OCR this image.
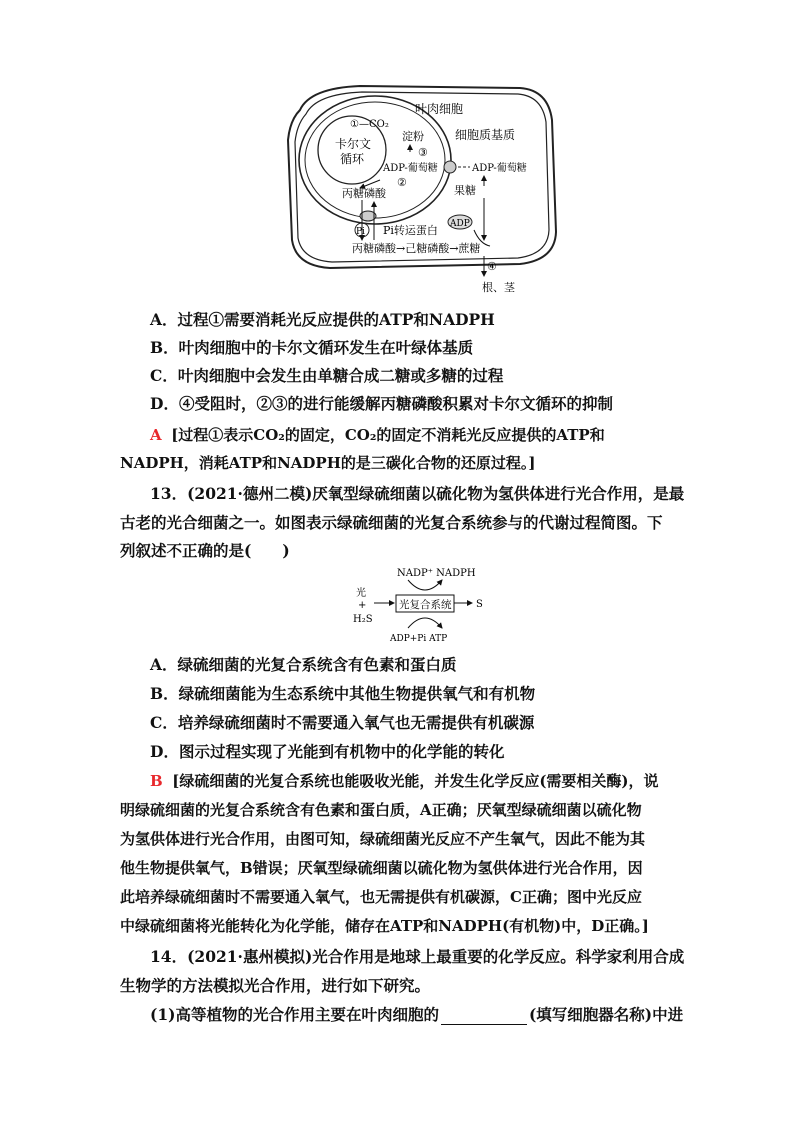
叶肉细胞
细胞质基质
卡尔文
循环
①—CO₂
淀粉
③
ADP-葡萄糖	ADP-葡萄糖
②
丙糖磷酸	果糖
Pi Pi转运蛋白 ADP
丙糖磷酸→己糖磷酸→蔗糖
④
根、茎
A．过程①需要消耗光反应提供的ATP和NADPH
B．叶肉细胞中的卡尔文循环发生在叶绿体基质
C．叶肉细胞中会发生由单糖合成二糖或多糖的过程
D．④受阻时，②③的进行能缓解丙糖磷酸积累对卡尔文循环的抑制
A [过程①表示CO₂的固定，CO₂的固定不消耗光反应提供的ATP和
NADPH，消耗ATP和NADPH的是三碳化合物的还原过程。]
13．(2021·德州二模)厌氧型绿硫细菌以硫化物为氢供体进行光合作用，是最
古老的光合细菌之一。如图表示绿硫细菌的光复合系统参与的代谢过程简图。下
列叙述不正确的是(　　)
NADP⁺ NADPH
光
+
H₂S
光复合系统 S
ADP+Pi ATP
A．绿硫细菌的光复合系统含有色素和蛋白质
B．绿硫细菌能为生态系统中其他生物提供氧气和有机物
C．培养绿硫细菌时不需要通入氧气也无需提供有机碳源
D．图示过程实现了光能到有机物中的化学能的转化
B [绿硫细菌的光复合系统也能吸收光能，并发生化学反应(需要相关酶)，说
明绿硫细菌的光复合系统含有色素和蛋白质，A正确；厌氧型绿硫细菌以硫化物
为氢供体进行光合作用，由图可知，绿硫细菌光反应不产生氧气，因此不能为其
他生物提供氧气，B错误；厌氧型绿硫细菌以硫化物为氢供体进行光合作用，因
此培养绿硫细菌时不需要通入氧气，也无需提供有机碳源，C正确；图中光反应
中绿硫细菌将光能转化为化学能，储存在ATP和NADPH(有机物)中，D正确。]
14．(2021·惠州模拟)光合作用是地球上最重要的化学反应。科学家利用合成
生物学的方法模拟光合作用，进行如下研究。
(1)高等植物的光合作用主要在叶肉细胞的	(填写细胞器名称)中进
